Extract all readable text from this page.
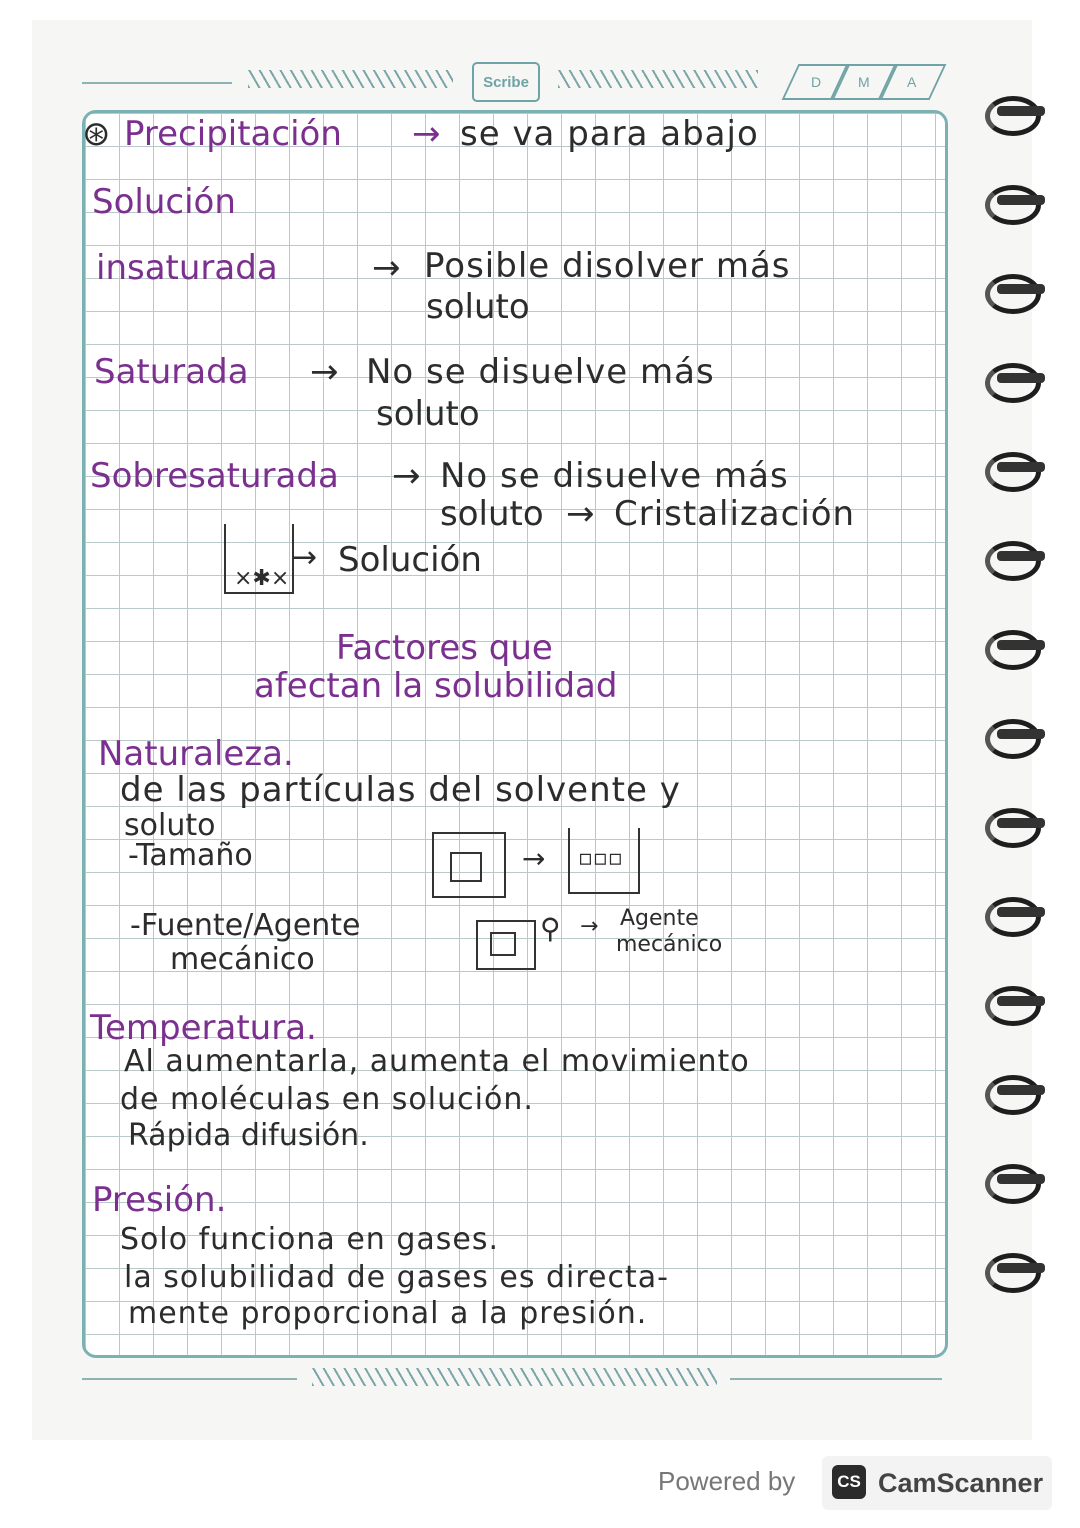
Scribe	D	M	A
⊛ Precipitación → se va para abajo
Solución
insaturada	→ Posible disolver más
soluto
Saturada → No se disuelve más
soluto
Sobresaturada → No se disuelve más
soluto → Cristalización
×✱×
→ Solución
Factores que
afectan la solubilidad
Naturaleza.
de las partículas del solvente y
soluto
-Tamaño	→ ▫▫▫
-Fuente/Agente
mecánico
⚲ → Agente
mecánico
Temperatura.
Al aumentarla, aumenta el movimiento
de moléculas en solución.
Rápida difusión.
Presión.
Solo funciona en gases.
la solubilidad de gases es directa-
mente proporcional a la presión.
Powered by	CS CamScanner
